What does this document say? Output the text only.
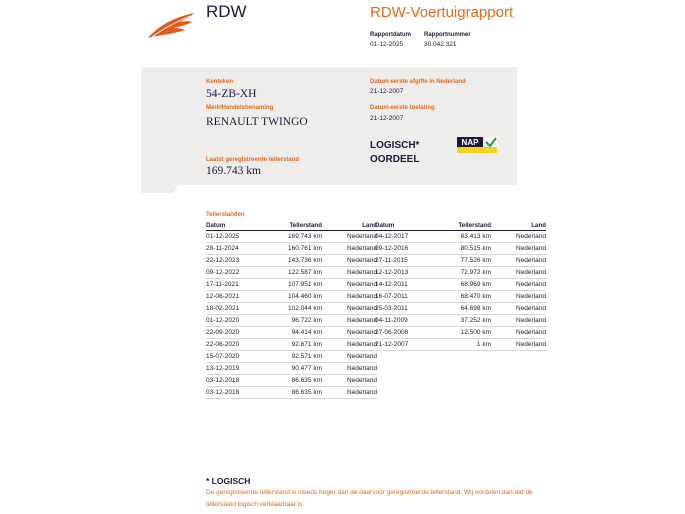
RDW	RDW-Voertuigrapport
Rapportdatum
01-12-2025
Rapportnummer
30.042.321
Kenteken
54-ZB-XH
Merk/Handelsbenaming
RENAULT TWINGO
Laatst geregistreerde tellerstand
169.743 km
Datum eerste afgifte in Nederland
21-12-2007
Datum eerste toelating
21-12-2007
LOGISCH*
OORDEEL
NAP
Tellerstanden
Datum	Tellerstand	Land
01-12-2025	169.743 km	Nederland
28-11-2024	160.761 km	Nederland
22-12-2023	143.736 km	Nederland
09-12-2022	122.587 km	Nederland
17-11-2021	107.951 km	Nederland
12-08-2021	104.460 km	Nederland
18-02-2021	102.044 km	Nederland
01-12-2020	96.722 km	Nederland
22-09-2020	94.414 km	Nederland
22-08-2020	92.671 km	Nederland
15-07-2020	92.571 km	Nederland
13-12-2019	90.477 km	Nederland
03-12-2018	86.635 km	Nederland
03-12-2018	86.635 km	Nederland
Datum	Tellerstand	Land
04-12-2017	83.413 km	Nederland
09-12-2016	80.515 km	Nederland
27-11-2015	77.526 km	Nederland
12-12-2013	72.972 km	Nederland
14-12-2011	68.969 km	Nederland
16-07-2011	68.470 km	Nederland
25-03-2011	64.698 km	Nederland
04-11-2009	37.252 km	Nederland
27-06-2008	12.500 km	Nederland
21-12-2007	1 km	Nederland
* LOGISCH
De geregistreerde tellerstand is steeds hoger dan de daarvoor geregistreerde tellerstand. Wij oordelen dan dat de tellerstand logisch verklaarbaar is.
